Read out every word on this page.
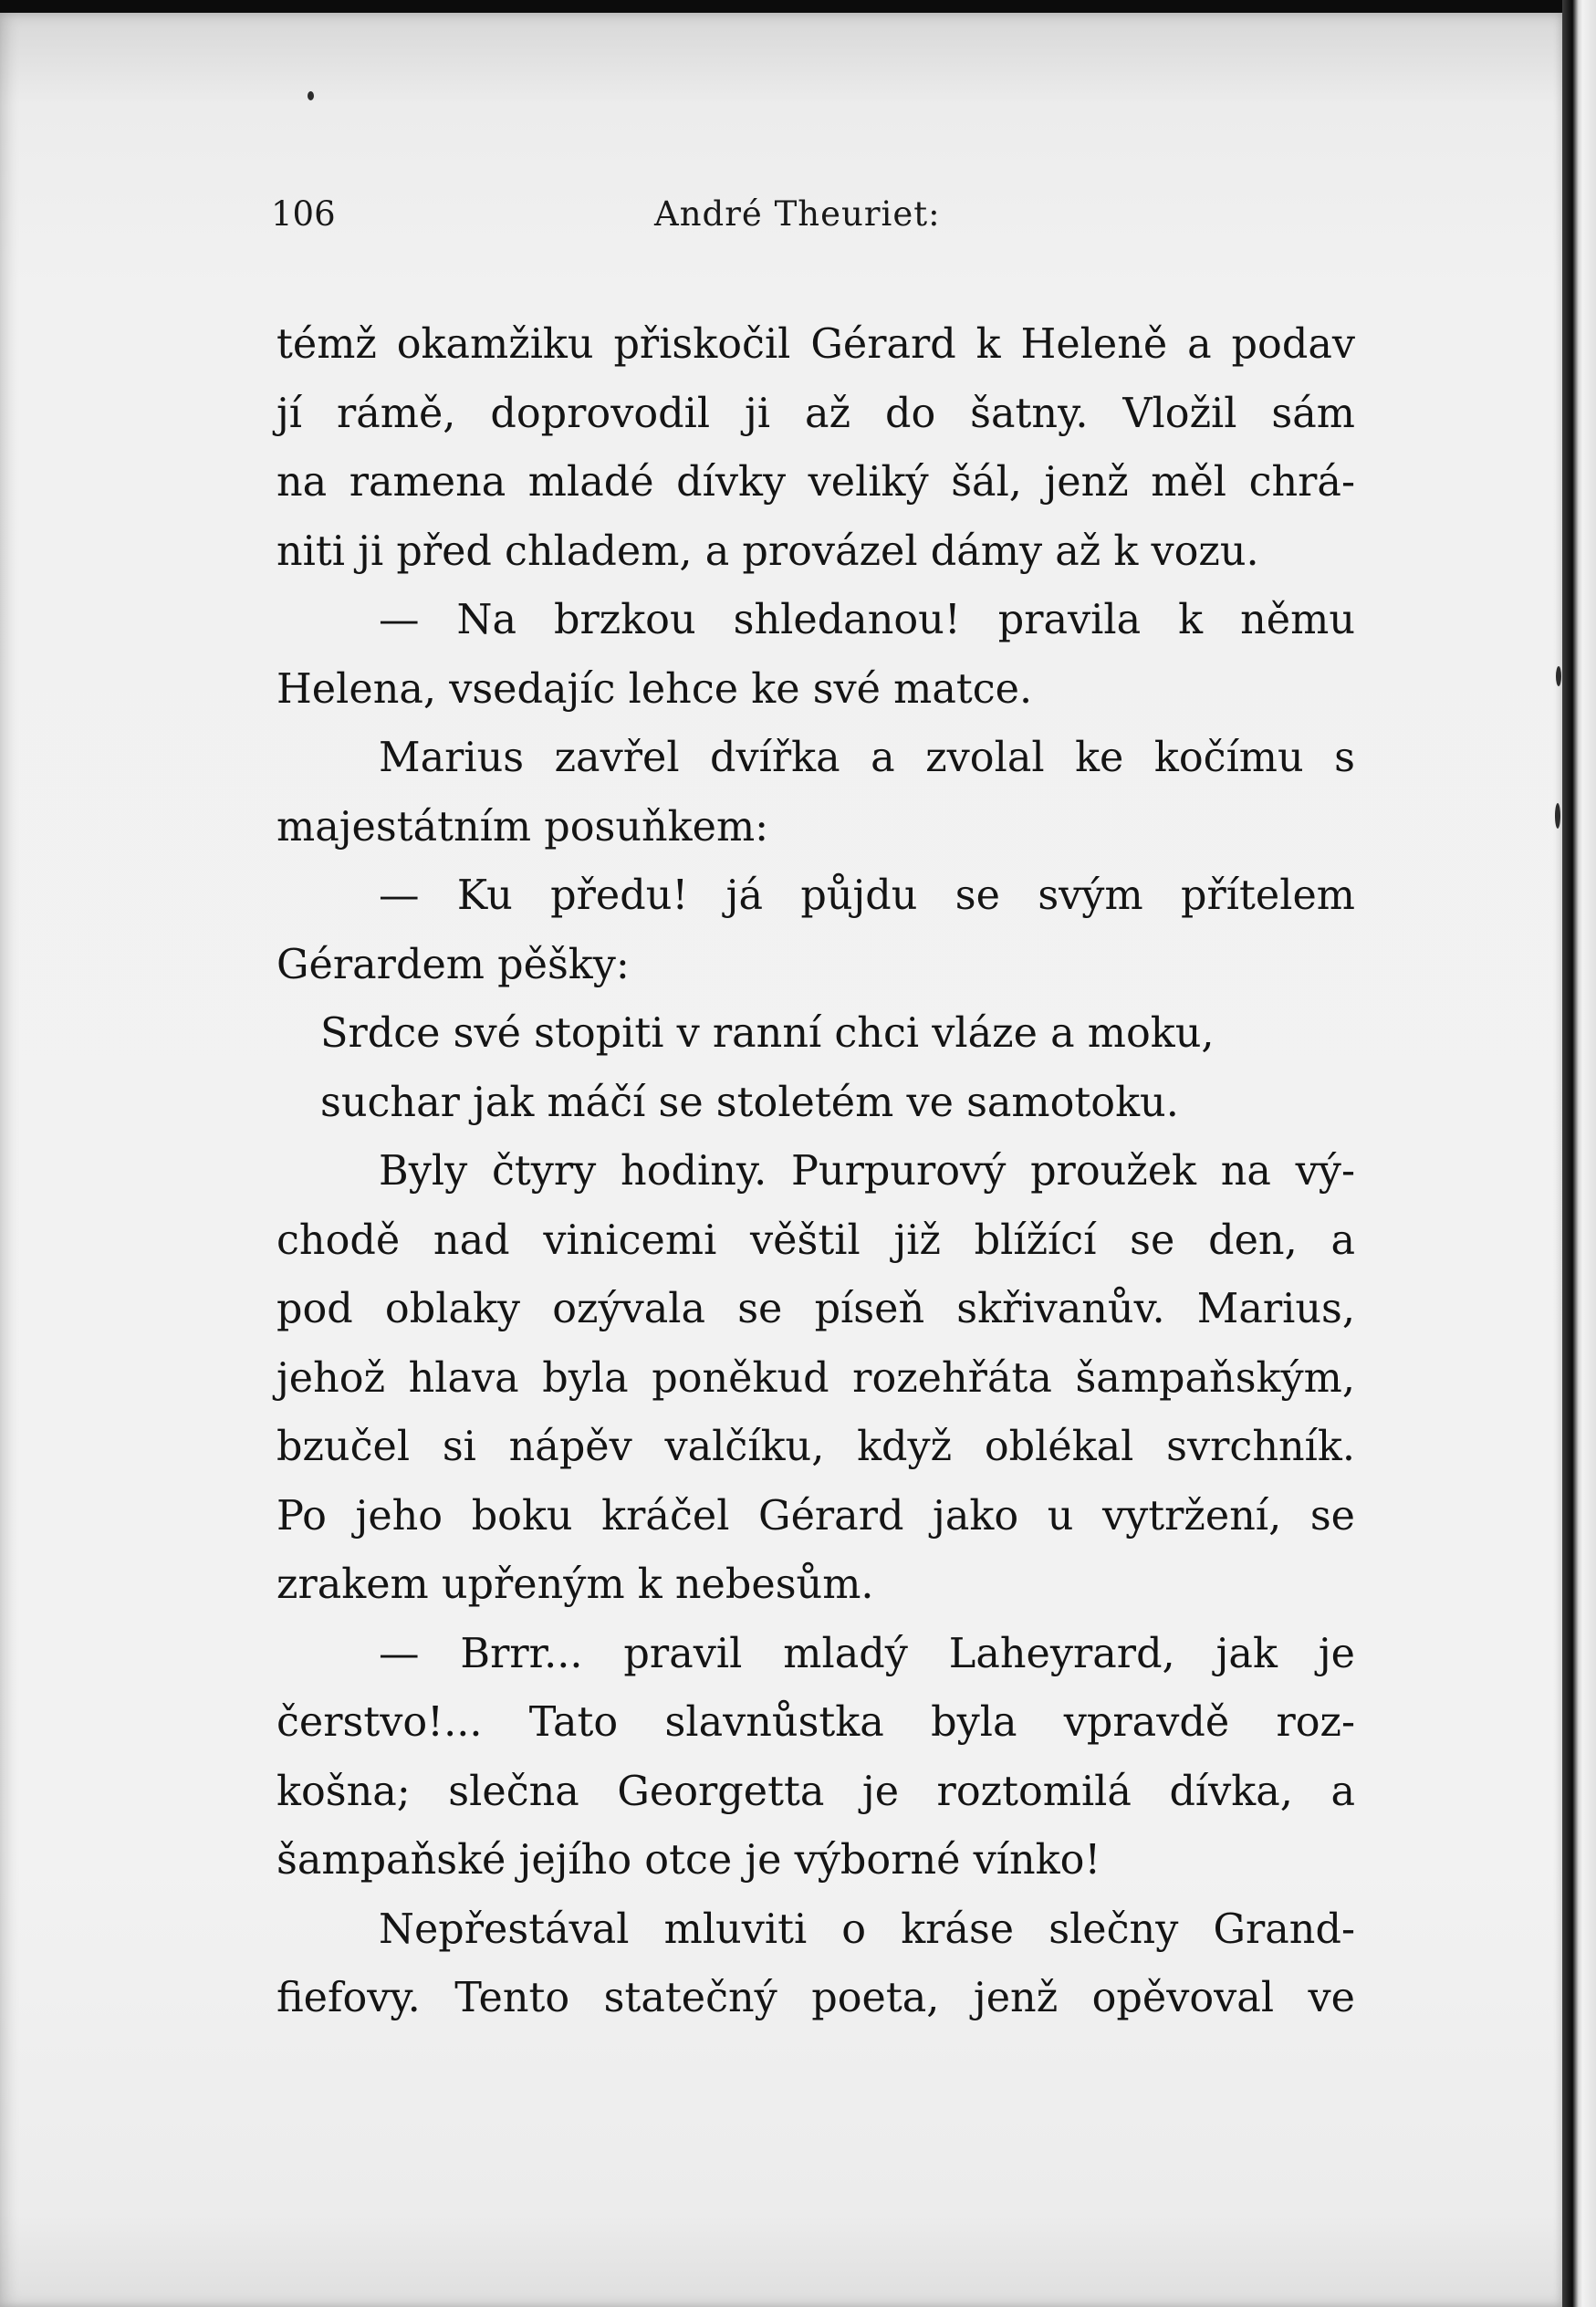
106	André Theuriet:
témž okamžiku přiskočil Gérard k Heleně a podav
jí rámě, doprovodil ji až do šatny. Vložil sám
na ramena mladé dívky veliký šál, jenž měl chrá-
niti ji před chladem, a provázel dámy až k vozu.
— Na brzkou shledanou! pravila k němu
Helena, vsedajíc lehce ke své matce.
Marius zavřel dvířka a zvolal ke kočímu s
majestátním posuňkem:
— Ku předu! já půjdu se svým přítelem
Gérardem pěšky:
Srdce své stopiti v ranní chci vláze a moku,
suchar jak máčí se stoletém ve samotoku.
Byly čtyry hodiny. Purpurový proužek na vý-
chodě nad vinicemi věštil již blížící se den, a
pod oblaky ozývala se píseň skřivanův. Marius,
jehož hlava byla poněkud rozehřáta šampaňským,
bzučel si nápěv valčíku, když oblékal svrchník.
Po jeho boku kráčel Gérard jako u vytržení, se
zrakem upřeným k nebesům.
— Brrr... pravil mladý Laheyrard, jak je
čerstvo!... Tato slavnůstka byla vpravdě roz-
košna; slečna Georgetta je roztomilá dívka, a
šampaňské jejího otce je výborné vínko!
Nepřestával mluviti o kráse slečny Grand-
fiefovy. Tento statečný poeta, jenž opěvoval ve
